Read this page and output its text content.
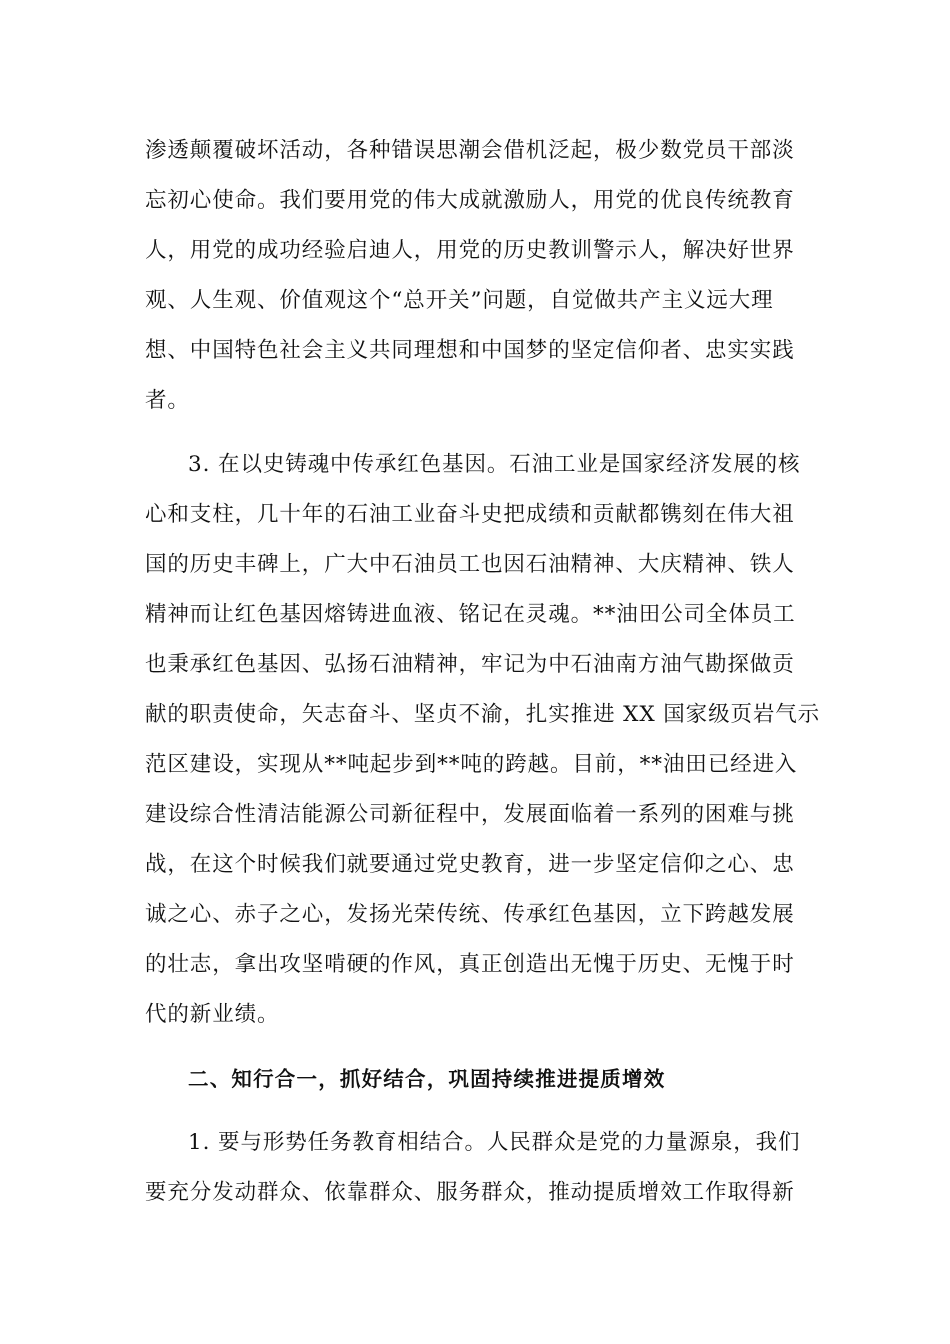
渗透颠覆破坏活动，各种错误思潮会借机泛起，极少数党员干部淡
忘初心使命。我们要用党的伟大成就激励人，用党的优良传统教育
人，用党的成功经验启迪人，用党的历史教训警示人，解决好世界
观、人生观、价值观这个“总开关”问题，自觉做共产主义远大理
想、中国特色社会主义共同理想和中国梦的坚定信仰者、忠实实践
者。
3. 在以史铸魂中传承红色基因。石油工业是国家经济发展的核
心和支柱，几十年的石油工业奋斗史把成绩和贡献都镌刻在伟大祖
国的历史丰碑上，广大中石油员工也因石油精神、大庆精神、铁人
精神而让红色基因熔铸进血液、铭记在灵魂。**油田公司全体员工
也秉承红色基因、弘扬石油精神，牢记为中石油南方油气勘探做贡
献的职责使命，矢志奋斗、坚贞不渝，扎实推进 XX 国家级页岩气示
范区建设，实现从**吨起步到**吨的跨越。目前，**油田已经进入
建设综合性清洁能源公司新征程中，发展面临着一系列的困难与挑
战，在这个时候我们就要通过党史教育，进一步坚定信仰之心、忠
诚之心、赤子之心，发扬光荣传统、传承红色基因，立下跨越发展
的壮志，拿出攻坚啃硬的作风，真正创造出无愧于历史、无愧于时
代的新业绩。
二、知行合一，抓好结合，巩固持续推进提质增效
1. 要与形势任务教育相结合。人民群众是党的力量源泉，我们
要充分发动群众、依靠群众、服务群众，推动提质增效工作取得新
